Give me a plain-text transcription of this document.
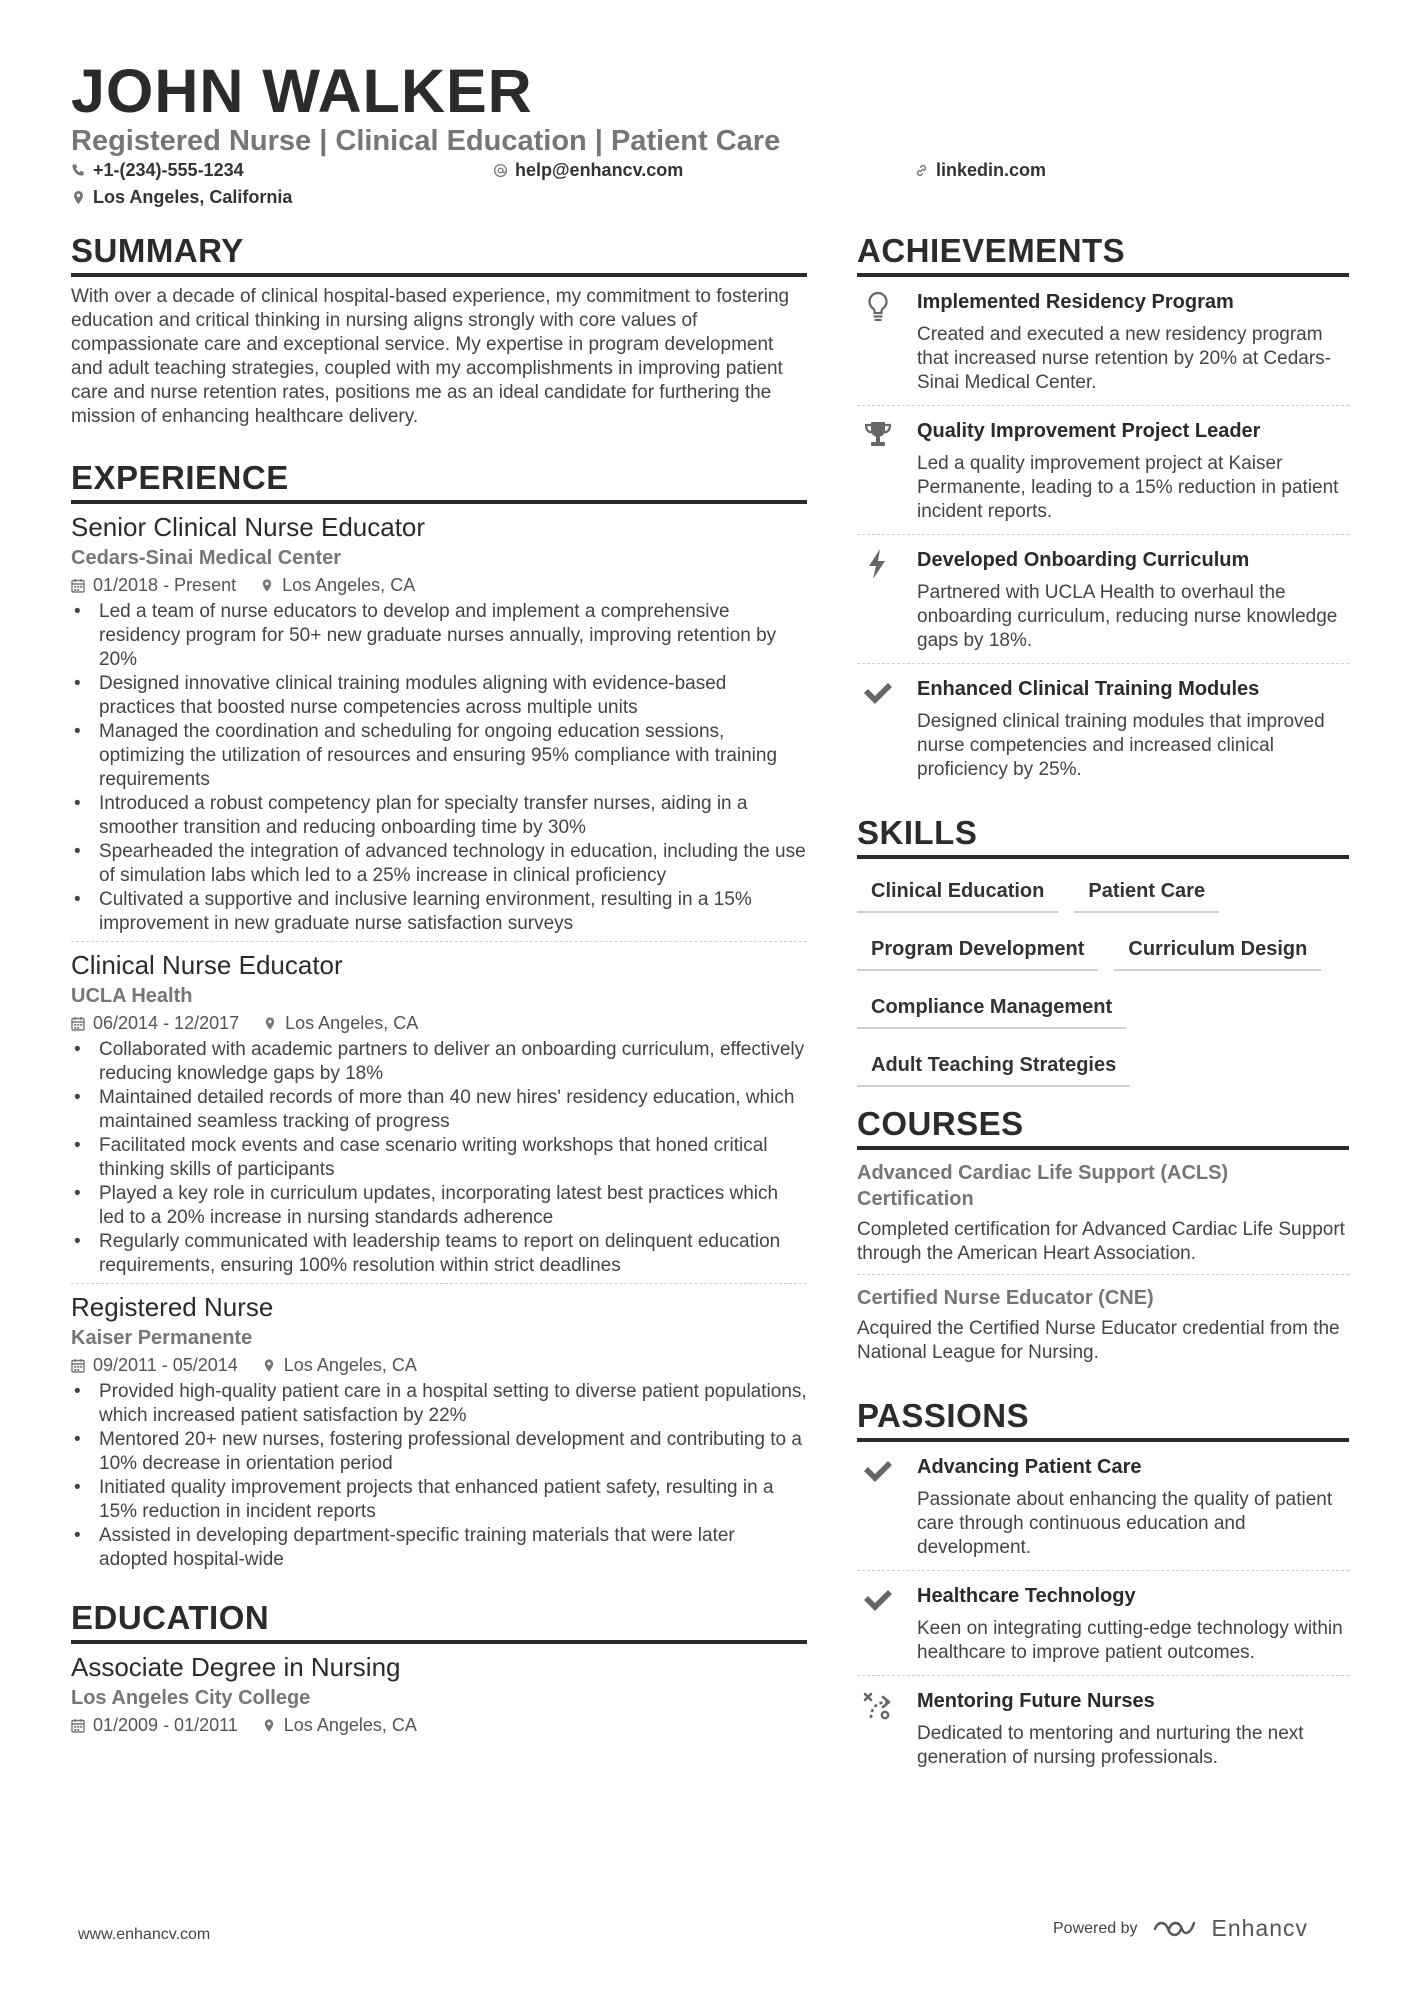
JOHN WALKER
Registered Nurse | Clinical Education | Patient Care
+1-(234)-555-1234	help@enhancv.com	linkedin.com
Los Angeles, California
SUMMARY
With over a decade of clinical hospital-based experience, my commitment to fostering education and critical thinking in nursing aligns strongly with core values of compassionate care and exceptional service. My expertise in program development and adult teaching strategies, coupled with my accomplishments in improving patient care and nurse retention rates, positions me as an ideal candidate for furthering the mission of enhancing healthcare delivery.
EXPERIENCE
Senior Clinical Nurse Educator
Cedars-Sinai Medical Center
01/2018 - Present	Los Angeles, CA
• Led a team of nurse educators to develop and implement a comprehensive residency program for 50+ new graduate nurses annually, improving retention by 20%
• Designed innovative clinical training modules aligning with evidence-based practices that boosted nurse competencies across multiple units
• Managed the coordination and scheduling for ongoing education sessions, optimizing the utilization of resources and ensuring 95% compliance with training requirements
• Introduced a robust competency plan for specialty transfer nurses, aiding in a smoother transition and reducing onboarding time by 30%
• Spearheaded the integration of advanced technology in education, including the use of simulation labs which led to a 25% increase in clinical proficiency
• Cultivated a supportive and inclusive learning environment, resulting in a 15% improvement in new graduate nurse satisfaction surveys
Clinical Nurse Educator
UCLA Health
06/2014 - 12/2017	Los Angeles, CA
• Collaborated with academic partners to deliver an onboarding curriculum, effectively reducing knowledge gaps by 18%
• Maintained detailed records of more than 40 new hires' residency education, which maintained seamless tracking of progress
• Facilitated mock events and case scenario writing workshops that honed critical thinking skills of participants
• Played a key role in curriculum updates, incorporating latest best practices which led to a 20% increase in nursing standards adherence
• Regularly communicated with leadership teams to report on delinquent education requirements, ensuring 100% resolution within strict deadlines
Registered Nurse
Kaiser Permanente
09/2011 - 05/2014	Los Angeles, CA
• Provided high-quality patient care in a hospital setting to diverse patient populations, which increased patient satisfaction by 22%
• Mentored 20+ new nurses, fostering professional development and contributing to a 10% decrease in orientation period
• Initiated quality improvement projects that enhanced patient safety, resulting in a 15% reduction in incident reports
• Assisted in developing department-specific training materials that were later adopted hospital-wide
EDUCATION
Associate Degree in Nursing
Los Angeles City College
01/2009 - 01/2011	Los Angeles, CA
ACHIEVEMENTS
Implemented Residency Program
Created and executed a new residency program that increased nurse retention by 20% at Cedars-Sinai Medical Center.
Quality Improvement Project Leader
Led a quality improvement project at Kaiser Permanente, leading to a 15% reduction in patient incident reports.
Developed Onboarding Curriculum
Partnered with UCLA Health to overhaul the onboarding curriculum, reducing nurse knowledge gaps by 18%.
Enhanced Clinical Training Modules
Designed clinical training modules that improved nurse competencies and increased clinical proficiency by 25%.
SKILLS
Clinical Education	Patient Care
Program Development	Curriculum Design
Compliance Management
Adult Teaching Strategies
COURSES
Advanced Cardiac Life Support (ACLS) Certification
Completed certification for Advanced Cardiac Life Support through the American Heart Association.
Certified Nurse Educator (CNE)
Acquired the Certified Nurse Educator credential from the National League for Nursing.
PASSIONS
Advancing Patient Care
Passionate about enhancing the quality of patient care through continuous education and development.
Healthcare Technology
Keen on integrating cutting-edge technology within healthcare to improve patient outcomes.
Mentoring Future Nurses
Dedicated to mentoring and nurturing the next generation of nursing professionals.
www.enhancv.com	Powered by	Enhancv
